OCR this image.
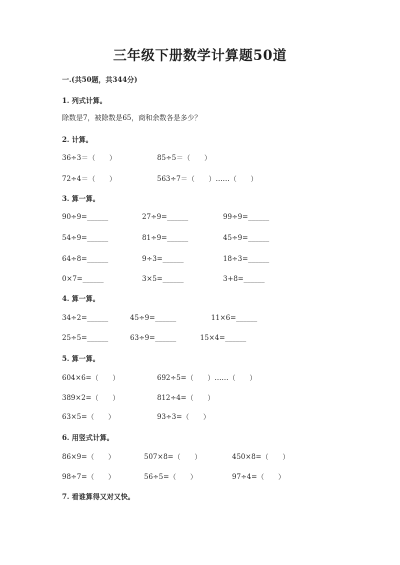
三年级下册数学计算题50道
一.(共50题，共344分)
1. 列式计算。
除数是7，被除数是65，商和余数各是多少？
2. 计算。
36÷3＝（　　）	85÷5＝（　　）
72÷4＝（　　）	563÷7＝（　　）……（　　）
3. 算一算。
90÷9=______	27÷9=______	99÷9=______
54÷9=______	81÷9=______	45÷9=______
64÷8=______	9÷3=______	18÷3=______
0×7=______	3×5=______	3+8=______
4. 算一算。
34÷2=______	45÷9=______	11×6=______
25÷5=______	63÷9=______	15×4=______
5. 算一算。
604×6=（　　）	692÷5=（　　）……（　　）
389×2=（　　）	812÷4=（　　）
63×5=（　　）	93÷3=（　　）
6. 用竖式计算。
86×9=（　　）	507×8=（　　）	450×8=（　　）
98÷7=（　　）	56÷5=（　　）	97÷4=（　　）
7. 看谁算得又对又快。
